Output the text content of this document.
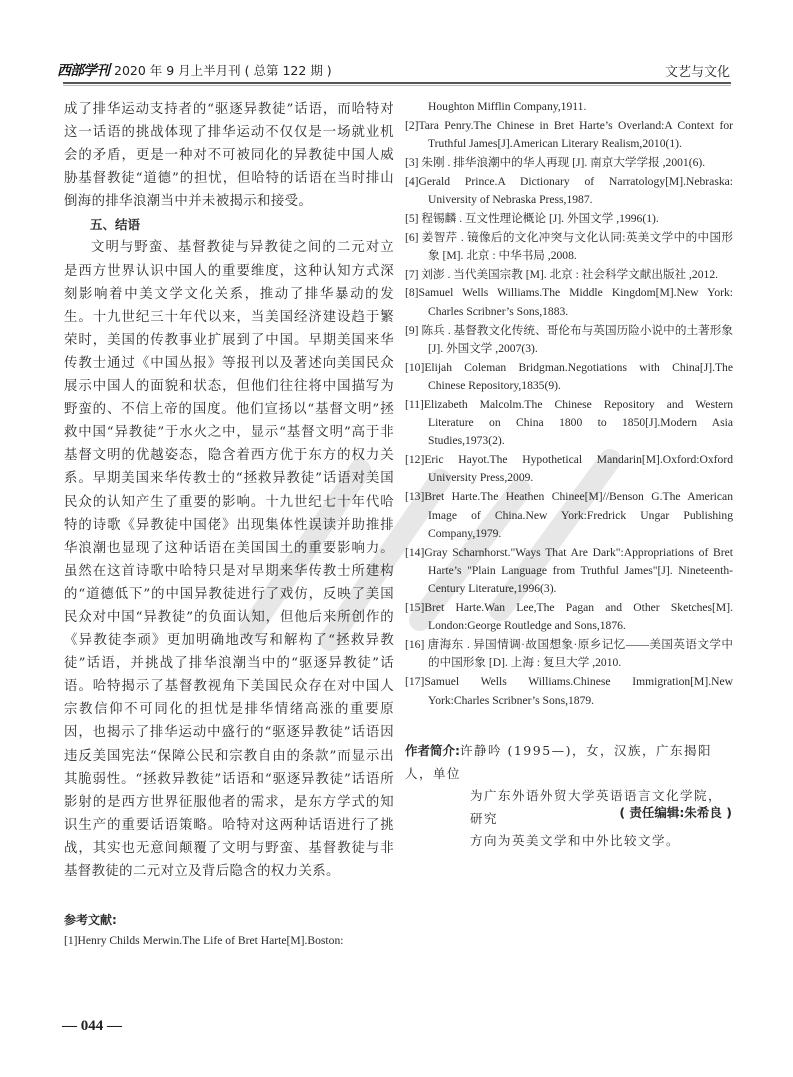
西部学刊 2020 年 9 月上半月刊 ( 总第 122 期 )	文艺与文化

成了排华运动支持者的“驱逐异教徒”话语，而哈特对这一话语的挑战体现了排华运动不仅仅是一场就业机会的矛盾，更是一种对不可被同化的异教徒中国人威胁基督教徒“道德”的担忧，但哈特的话语在当时排山倒海的排华浪潮当中并未被揭示和接受。

五、结语

文明与野蛮、基督教徒与异教徒之间的二元对立是西方世界认识中国人的重要维度，这种认知方式深刻影响着中美文学文化关系，推动了排华暴动的发生。十九世纪三十年代以来，当美国经济建设趋于繁荣时，美国的传教事业扩展到了中国。早期美国来华传教士通过《中国丛报》等报刊以及著述向美国民众展示中国人的面貌和状态，但他们往往将中国描写为野蛮的、不信上帝的国度。他们宣扬以“基督文明”拯救中国“异教徒”于水火之中，显示“基督文明”高于非基督文明的优越姿态，隐含着西方优于东方的权力关系。早期美国来华传教士的“拯救异教徒”话语对美国民众的认知产生了重要的影响。十九世纪七十年代哈特的诗歌《异教徒中国佬》出现集体性误读并助推排华浪潮也显现了这种话语在美国国土的重要影响力。虽然在这首诗歌中哈特只是对早期来华传教士所建构的“道德低下”的中国异教徒进行了戏仿，反映了美国民众对中国“异教徒”的负面认知，但他后来所创作的《异教徒李顽》更加明确地改写和解构了“拯救异教徒”话语，并挑战了排华浪潮当中的“驱逐异教徒”话语。哈特揭示了基督教视角下美国民众存在对中国人宗教信仰不可同化的担忧是排华情绪高涨的重要原因，也揭示了排华运动中盛行的“驱逐异教徒”话语因违反美国宪法“保障公民和宗教自由的条款”而显示出其脆弱性。“拯救异教徒”话语和“驱逐异教徒”话语所影射的是西方世界征服他者的需求，是东方学式的知识生产的重要话语策略。哈特对这两种话语进行了挑战，其实也无意间颠覆了文明与野蛮、基督教徒与非基督教徒的二元对立及背后隐含的权力关系。

参考文献:

[1]Henry Childs Merwin.The Life of Bret Harte[M].Boston:

Houghton Mifflin Company,1911.

[2]Tara Penry.The Chinese in Bret Harte’s Overland:A Context for Truthful James[J].American Literary Realism,2010(1).

[3] 朱刚 . 排华浪潮中的华人再现 [J]. 南京大学学报 ,2001(6).

[4]Gerald Prince.A Dictionary of Narratology[M].Nebraska: University of Nebraska Press,1987.

[5] 程锡麟 . 互文性理论概论 [J]. 外国文学 ,1996(1).

[6] 姜智芹 . 镜像后的文化冲突与文化认同:英美文学中的中国形象 [M]. 北京 : 中华书局 ,2008.

[7] 刘澎 . 当代美国宗教 [M]. 北京 : 社会科学文献出版社 ,2012.

[8]Samuel Wells Williams.The Middle Kingdom[M].New York: Charles Scribner’s Sons,1883.

[9] 陈兵 . 基督教文化传统、哥伦布与英国历险小说中的土著形象 [J]. 外国文学 ,2007(3).

[10]Elijah Coleman Bridgman.Negotiations with China[J].The Chinese Repository,1835(9).

[11]Elizabeth Malcolm.The Chinese Repository and Western Literature on China 1800 to 1850[J].Modern Asia Studies,1973(2).

[12]Eric Hayot.The Hypothetical Mandarin[M].Oxford:Oxford University Press,2009.

[13]Bret Harte.The Heathen Chinee[M]//Benson G.The American Image of China.New York:Fredrick Ungar Publishing Company,1979.

[14]Gray Scharnhorst."Ways That Are Dark":Appropriations of Bret Harte’s "Plain Language from Truthful James"[J]. Nineteenth-Century Literature,1996(3).

[15]Bret Harte.Wan Lee,The Pagan and Other Sketches[M]. London:George Routledge and Sons,1876.

[16] 唐海东 . 异国情调·故国想象·原乡记忆——美国英语文学中的中国形象 [D]. 上海 : 复旦大学 ,2010.

[17]Samuel Wells Williams.Chinese Immigration[M].New York:Charles Scribner’s Sons,1879.

作者简介:许静吟 (1995—)，女，汉族，广东揭阳人，单位
为广东外语外贸大学英语语言文化学院，研究
方向为英美文学和中外比较文学。
( 责任编辑:朱希良 )
— 044 —
